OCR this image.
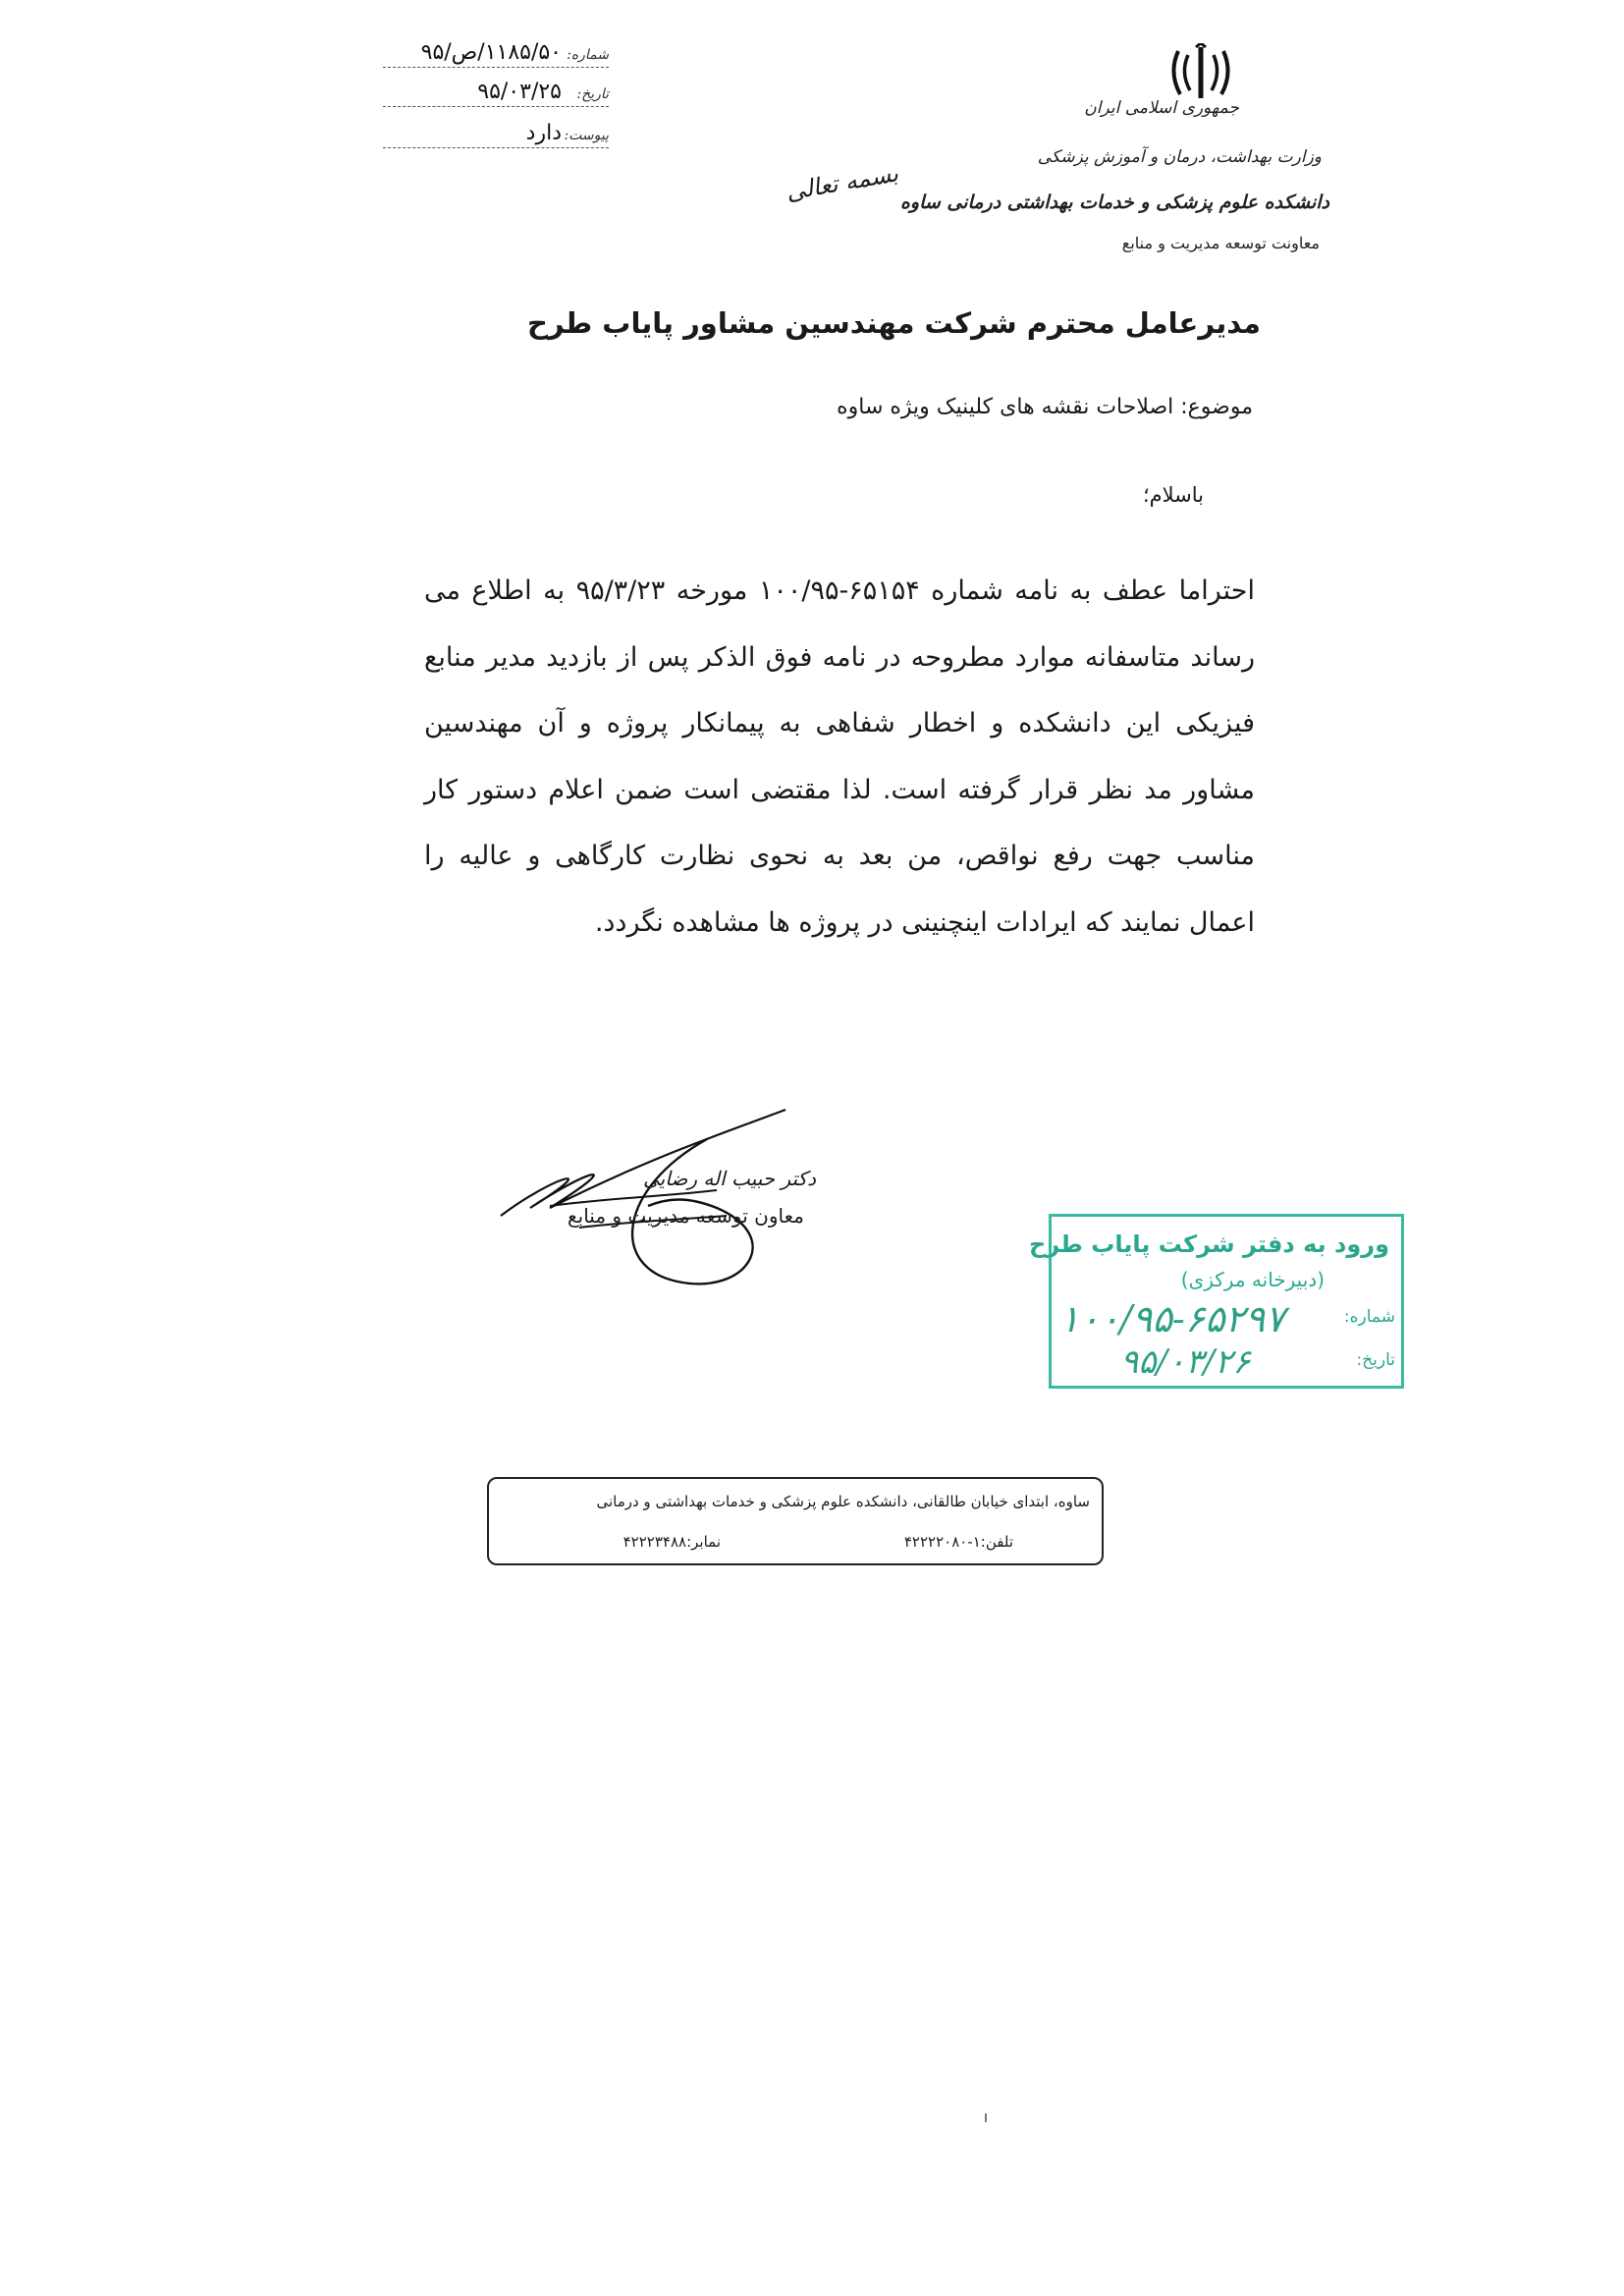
جمهوری اسلامی ایران
وزارت بهداشت، درمان و آموزش پزشکی
دانشکده علوم پزشکی و خدمات بهداشتی درمانی ساوه
معاونت توسعه مدیریت و منابع
شماره:
۱۱۸۵/۵۰/ص/۹۵
تاریخ:
۹۵/۰۳/۲۵
پیوست:
دارد
بسمه تعالی
مدیرعامل محترم شرکت مهندسین مشاور پایاب طرح
موضوع: اصلاحات نقشه های کلینیک ویژه ساوه
باسلام؛
احتراما عطف به نامه شماره ۶۵۱۵۴-۱۰۰/۹۵ مورخه ۹۵/۳/۲۳ به اطلاع می رساند متاسفانه موارد مطروحه در نامه فوق الذکر پس از بازدید مدیر منابع فیزیکی این دانشکده و اخطار شفاهی به پیمانکار پروژه و آن مهندسین مشاور مد نظر قرار گرفته است. لذا مقتضی است ضمن اعلام دستور کار مناسب جهت رفع نواقص، من بعد به نحوی نظارت کارگاهی و عالیه را اعمال نمایند که ایرادات اینچنینی در پروژه ها مشاهده نگردد.
دکتر حبیب اله رضایی
معاون توسعه مدیریت و منابع
ورود به دفتر شرکت پایاب طرح
(دبیرخانه مرکزی)
شماره:
۱۰۰/۹۵-۶۵۲۹۷
تاریخ:
۹۵/۰۳/۲۶
ساوه، ابتدای خیابان طالقانی، دانشکده علوم پزشکی و خدمات بهداشتی و درمانی
تلفن:۱-۴۲۲۲۲۰۸۰
نمابر:۴۲۲۲۳۴۸۸
